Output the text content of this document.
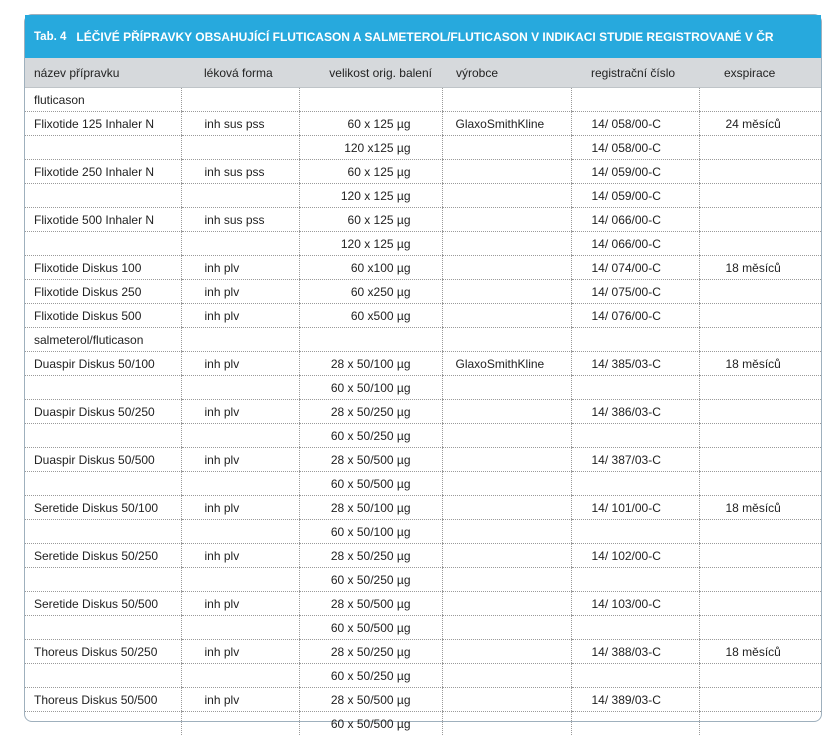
Tab. 4 LÉČIVÉ PŘÍPRAVKY OBSAHUJÍCÍ FLUTICASON A SALMETEROL/FLUTICASON V INDIKACI STUDIE REGISTROVANÉ V ČR
název přípravku	léková forma	velikost orig. balení	výrobce	registrační číslo	exspirace
fluticason					
Flixotide 125 Inhaler N	inh sus pss	60 x 125 µg	GlaxoSmithKline	14/ 058/00-C	24 měsíců
		120 x125 µg		14/ 058/00-C	
Flixotide 250 Inhaler N	inh sus pss	60 x 125 µg		14/ 059/00-C	
		120 x 125 µg		14/ 059/00-C	
Flixotide 500 Inhaler N	inh sus pss	60 x 125 µg		14/ 066/00-C	
		120 x 125 µg		14/ 066/00-C	
Flixotide Diskus 100	inh plv	60 x100 µg		14/ 074/00-C	18 měsíců
Flixotide Diskus 250	inh plv	60 x250 µg		14/ 075/00-C	
Flixotide Diskus 500	inh plv	60 x500 µg		14/ 076/00-C	
salmeterol/fluticason					
Duaspir Diskus 50/100	inh plv	28 x 50/100 µg	GlaxoSmithKline	14/ 385/03-C	18 měsíců
		60 x 50/100 µg			
Duaspir Diskus 50/250	inh plv	28 x 50/250 µg		14/ 386/03-C	
		60 x 50/250 µg			
Duaspir Diskus 50/500	inh plv	28 x 50/500 µg		14/ 387/03-C	
		60 x 50/500 µg			
Seretide Diskus 50/100	inh plv	28 x 50/100 µg		14/ 101/00-C	18 měsíců
		60 x 50/100 µg			
Seretide Diskus 50/250	inh plv	28 x 50/250 µg		14/ 102/00-C	
		60 x 50/250 µg			
Seretide Diskus 50/500	inh plv	28 x 50/500 µg		14/ 103/00-C	
		60 x 50/500 µg			
Thoreus Diskus 50/250	inh plv	28 x 50/250 µg		14/ 388/03-C	18 měsíců
		60 x 50/250 µg			
Thoreus Diskus 50/500	inh plv	28 x 50/500 µg		14/ 389/03-C	
		60 x 50/500 µg			
